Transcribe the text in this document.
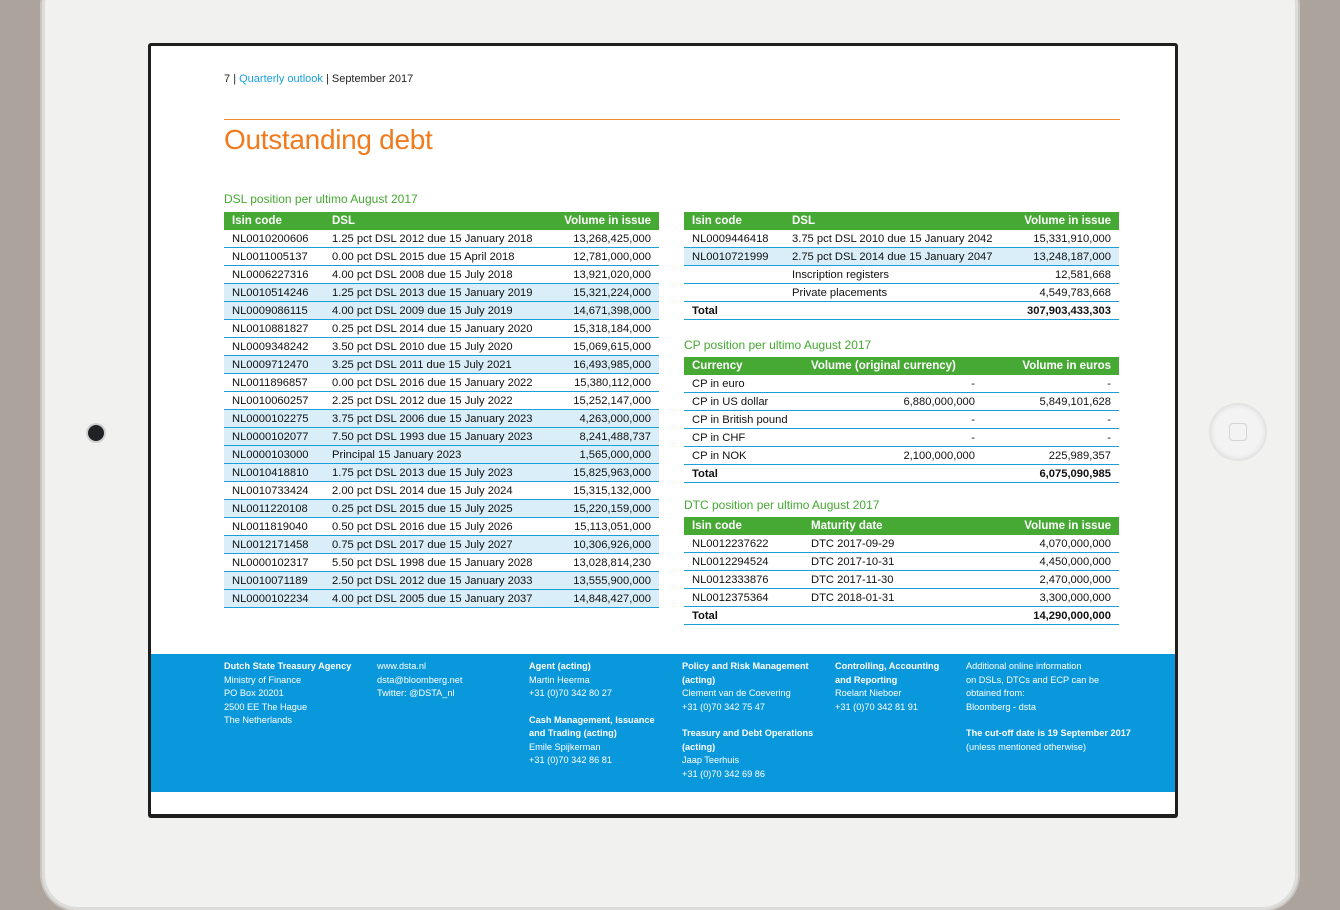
7 | Quarterly outlook | September 2017
Outstanding debt
DSL position per ultimo August 2017
Isin code	DSL	Volume in issue
NL0010200606	1.25 pct DSL 2012 due 15 January 2018	13,268,425,000
NL0011005137	0.00 pct DSL 2015 due 15 April 2018	12,781,000,000
NL0006227316	4.00 pct DSL 2008 due 15 July 2018	13,921,020,000
NL0010514246	1.25 pct DSL 2013 due 15 January 2019	15,321,224,000
NL0009086115	4.00 pct DSL 2009 due 15 July 2019	14,671,398,000
NL0010881827	0.25 pct DSL 2014 due 15 January 2020	15,318,184,000
NL0009348242	3.50 pct DSL 2010 due 15 July 2020	15,069,615,000
NL0009712470	3.25 pct DSL 2011 due 15 July 2021	16,493,985,000
NL0011896857	0.00 pct DSL 2016 due 15 January 2022	15,380,112,000
NL0010060257	2.25 pct DSL 2012 due 15 July 2022	15,252,147,000
NL0000102275	3.75 pct DSL 2006 due 15 January 2023	4,263,000,000
NL0000102077	7.50 pct DSL 1993 due 15 January 2023	8,241,488,737
NL0000103000	Principal 15 January 2023	1,565,000,000
NL0010418810	1.75 pct DSL 2013 due 15 July 2023	15,825,963,000
NL0010733424	2.00 pct DSL 2014 due 15 July 2024	15,315,132,000
NL0011220108	0.25 pct DSL 2015 due 15 July 2025	15,220,159,000
NL0011819040	0.50 pct DSL 2016 due 15 July 2026	15,113,051,000
NL0012171458	0.75 pct DSL 2017 due 15 July 2027	10,306,926,000
NL0000102317	5.50 pct DSL 1998 due 15 January 2028	13,028,814,230
NL0010071189	2.50 pct DSL 2012 due 15 January 2033	13,555,900,000
NL0000102234	4.00 pct DSL 2005 due 15 January 2037	14,848,427,000
Isin code	DSL	Volume in issue
NL0009446418	3.75 pct DSL 2010 due 15 January 2042	15,331,910,000
NL0010721999	2.75 pct DSL 2014 due 15 January 2047	13,248,187,000
	Inscription registers	12,581,668
	Private placements	4,549,783,668
Total		307,903,433,303
CP position per ultimo August 2017
Currency	Volume (original currency)	Volume in euros
CP in euro	-	-
CP in US dollar	6,880,000,000	5,849,101,628
CP in British pound	-	-
CP in CHF	-	-
CP in NOK	2,100,000,000	225,989,357
Total		6,075,090,985
DTC position per ultimo August 2017
Isin code	Maturity date	Volume in issue
NL0012237622	DTC 2017-09-29	4,070,000,000
NL0012294524	DTC 2017-10-31	4,450,000,000
NL0012333876	DTC 2017-11-30	2,470,000,000
NL0012375364	DTC 2018-01-31	3,300,000,000
Total		14,290,000,000
Dutch State Treasury Agency
Ministry of Finance
PO Box 20201
2500 EE The Hague
The Netherlands
www.dsta.nl
dsta@bloomberg.net
Twitter: @DSTA_nl
Agent (acting)
Martin Heerma
+31 (0)70 342 80 27
Cash Management, Issuance
and Trading (acting)
Emile Spijkerman
+31 (0)70 342 86 81
Policy and Risk Management
(acting)
Clement van de Coevering
+31 (0)70 342 75 47
Treasury and Debt Operations
(acting)
Jaap Teerhuis
+31 (0)70 342 69 86
Controlling, Accounting
and Reporting
Roelant Nieboer
+31 (0)70 342 81 91
Additional online information
on DSLs, DTCs and ECP can be
obtained from:
Bloomberg - dsta
The cut-off date is 19 September 2017
(unless mentioned otherwise)
